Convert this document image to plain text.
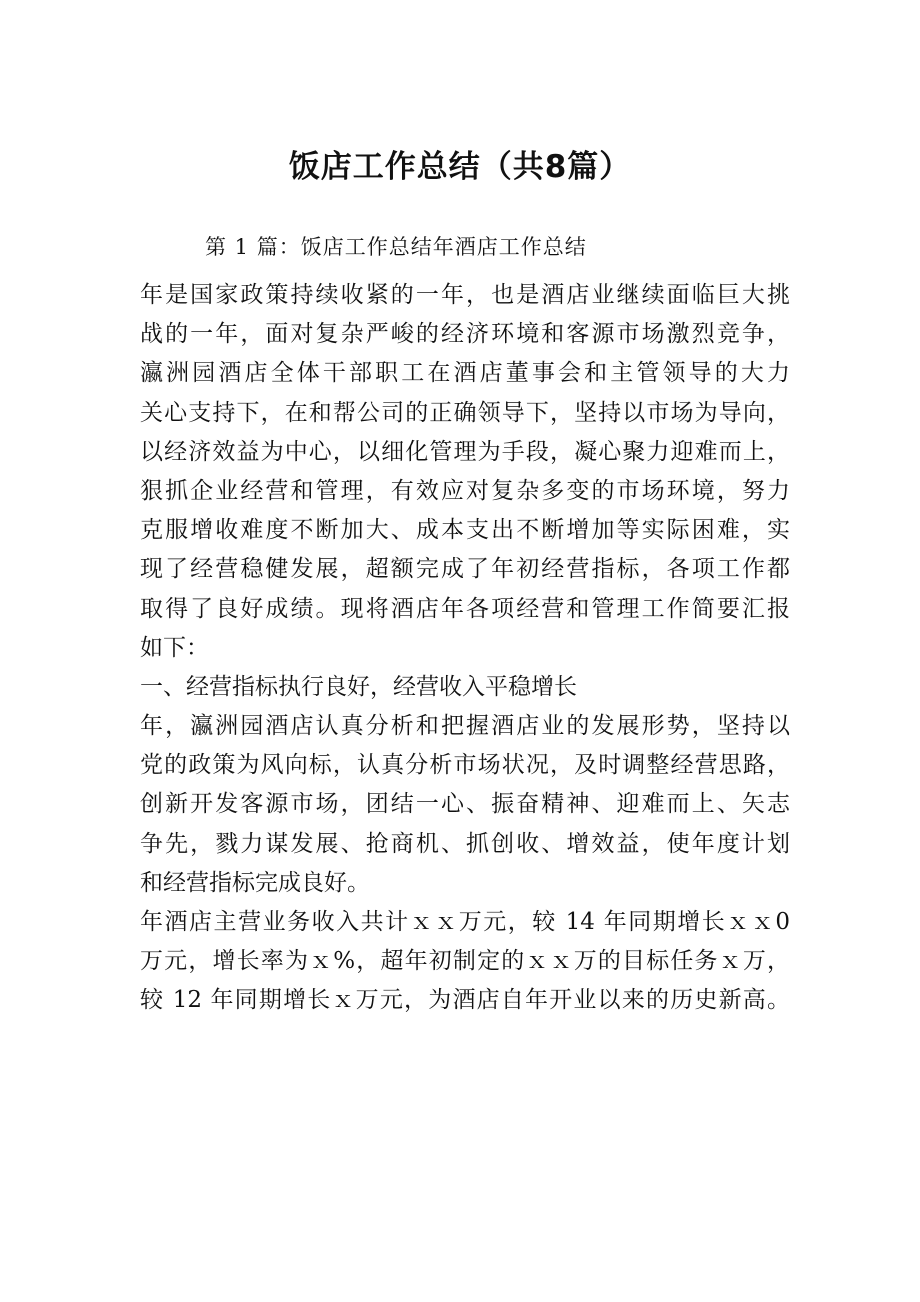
饭店工作总结（共8篇）
第 1 篇：饭店工作总结年酒店工作总结
年是国家政策持续收紧的一年，也是酒店业继续面临巨大挑
战的一年，面对复杂严峻的经济环境和客源市场激烈竞争，
瀛洲园酒店全体干部职工在酒店董事会和主管领导的大力
关心支持下，在和帮公司的正确领导下，坚持以市场为导向，
以经济效益为中心，以细化管理为手段，凝心聚力迎难而上，
狠抓企业经营和管理，有效应对复杂多变的市场环境，努力
克服增收难度不断加大、成本支出不断增加等实际困难，实
现了经营稳健发展，超额完成了年初经营指标，各项工作都
取得了良好成绩。现将酒店年各项经营和管理工作简要汇报
如下：
一、经营指标执行良好，经营收入平稳增长
年，瀛洲园酒店认真分析和把握酒店业的发展形势，坚持以
党的政策为风向标，认真分析市场状况，及时调整经营思路，
创新开发客源市场，团结一心、振奋精神、迎难而上、矢志
争先，戮力谋发展、抢商机、抓创收、增效益，使年度计划
和经营指标完成良好。
年酒店主营业务收入共计ｘｘ万元，较 14 年同期增长ｘｘ0
万元，增长率为ｘ%，超年初制定的ｘｘ万的目标任务ｘ万，
较 12 年同期增长ｘ万元，为酒店自年开业以来的历史新高。
